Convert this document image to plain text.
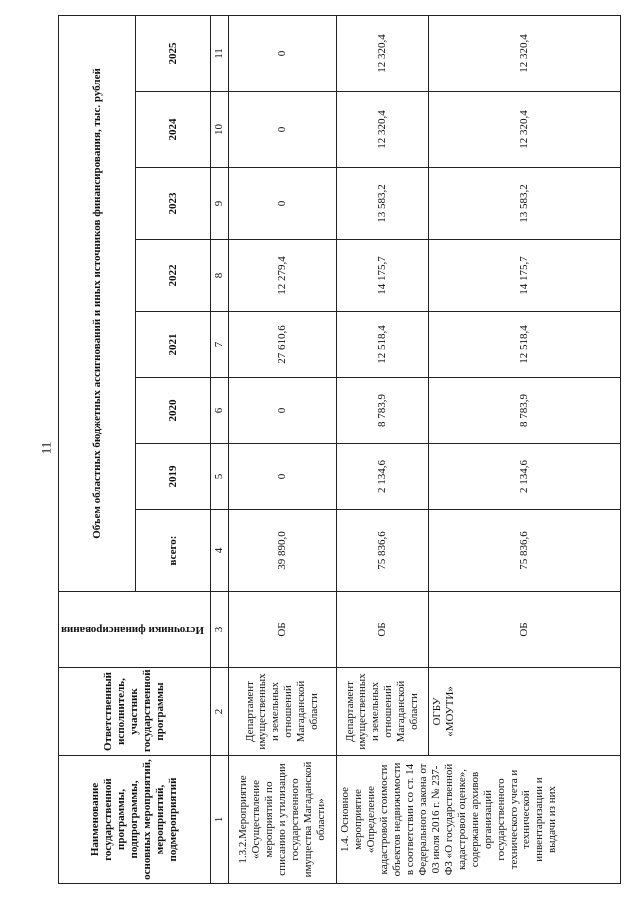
11
Наименование государственной программы, подпрограммы, основных мероприятий, мероприятий, подмероприятий	Ответственный исполнитель, участник государственной программы	Источники финансирования	Объем областных бюджетных ассигнований и иных источников финансирования, тыс. рублей							
			всего:	2019	2020	2021	2022	2023	2024	2025
1	2	3	4	5	6	7	8	9	10	11
1.3.2.Мероприятие «Осуществление мероприятий по списанию и утилизации государственного имущества Магаданской области»	Департамент имущественных и земельных отношений Магаданской области	ОБ	39 890,0	0	0	27 610,6	12 279,4	0	0	0
1.4. Основное мероприятие «Определение кадастровой стоимости объектов недвижимости в соответствии со ст. 14 Федерального закона от 03 июля 2016 г. № 237-ФЗ «О государственной кадастровой оценке», содержание архивов организаций государственного технического учета и технической инвентаризации и выдачи из них	Департамент имущественных и земельных отношений Магаданской области	ОБ	75 836,6	2 134,6	8 783,9	12 518,4	14 175,7	13 583,2	12 320,4	12 320,4
	ОГБУ «МОУТИ»	ОБ	75 836,6	2 134,6	8 783,9	12 518,4	14 175,7	13 583,2	12 320,4	12 320,4
